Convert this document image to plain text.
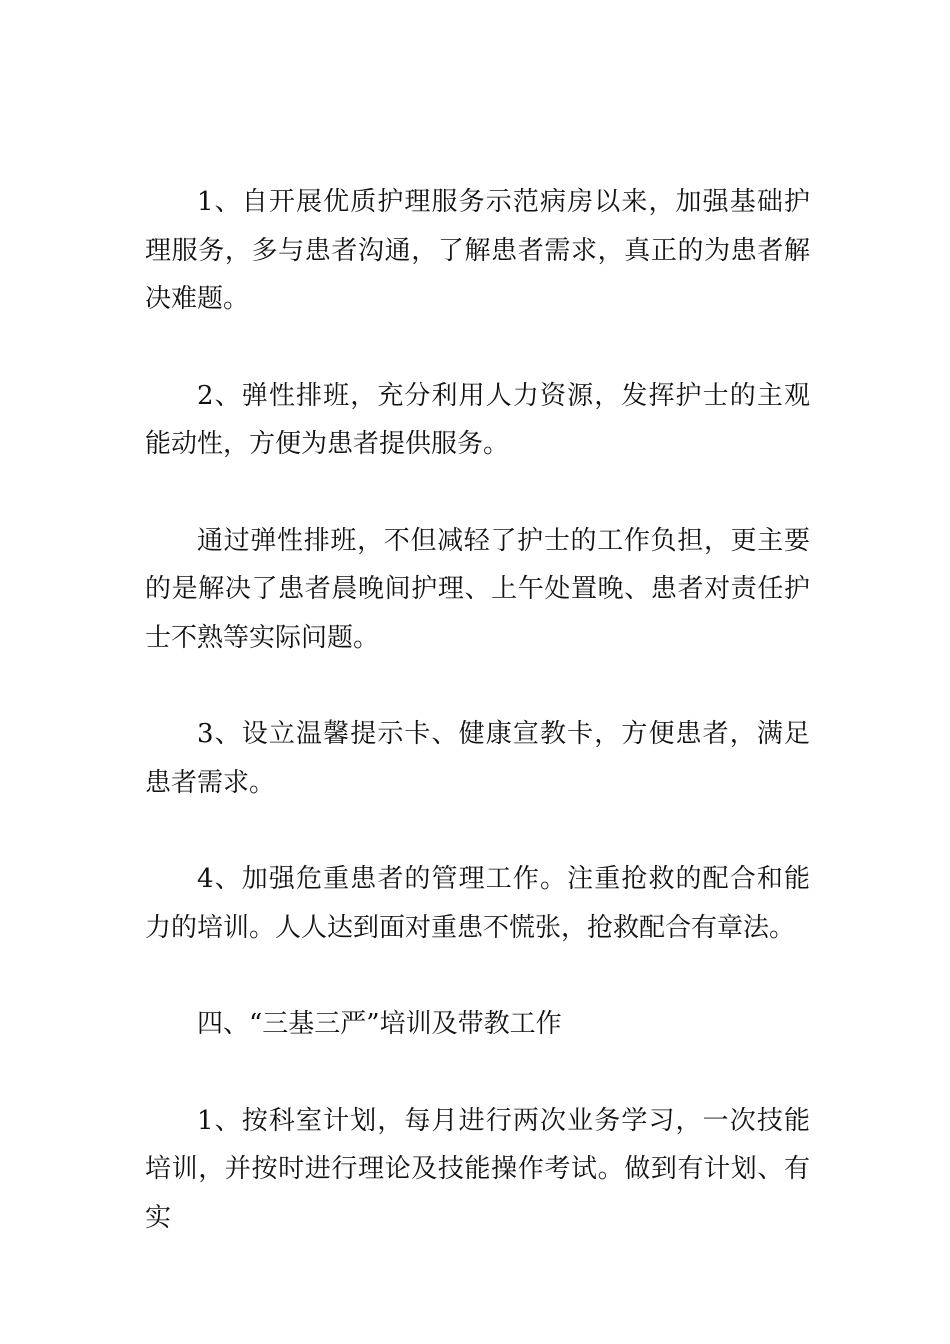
1、自开展优质护理服务示范病房以来，加强基础护理服务，多与患者沟通，了解患者需求，真正的为患者解决难题。

2、弹性排班，充分利用人力资源，发挥护士的主观能动性，方便为患者提供服务。

通过弹性排班，不但减轻了护士的工作负担，更主要的是解决了患者晨晚间护理、上午处置晚、患者对责任护士不熟等实际问题。

3、设立温馨提示卡、健康宣教卡，方便患者，满足患者需求。

4、加强危重患者的管理工作。注重抢救的配合和能力的培训。人人达到面对重患不慌张，抢救配合有章法。

四、“三基三严”培训及带教工作

1、按科室计划，每月进行两次业务学习，一次技能培训，并按时进行理论及技能操作考试。做到有计划、有实
